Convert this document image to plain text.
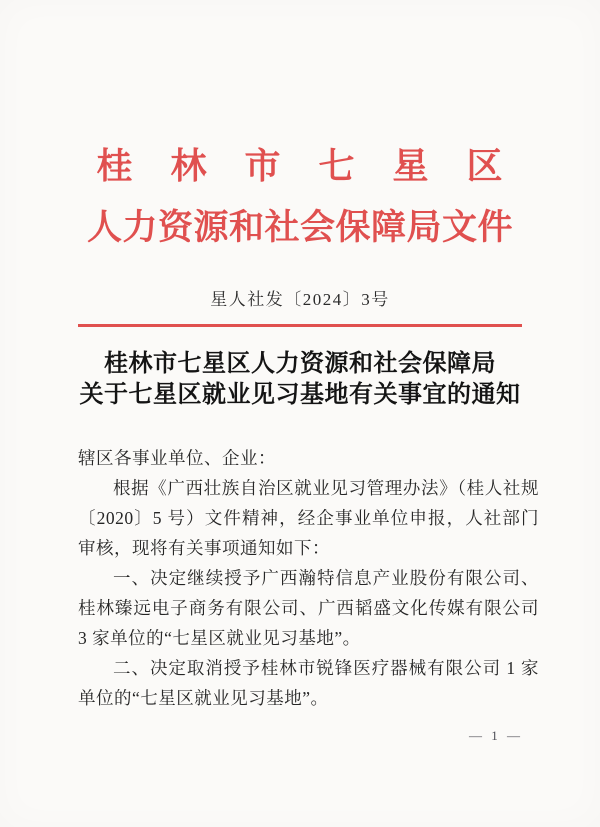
桂　林　市　七　星　区
人力资源和社会保障局文件
星人社发〔2024〕3号
桂林市七星区人力资源和社会保障局
关于七星区就业见习基地有关事宜的通知

辖区各事业单位、企业：

根据《广西壮族自治区就业见习管理办法》（桂人社规〔2020〕5 号）文件精神，经企事业单位申报，人社部门审核，现将有关事项通知如下：

一、决定继续授予广西瀚特信息产业股份有限公司、桂林臻远电子商务有限公司、广西韬盛文化传媒有限公司 3 家单位的“七星区就业见习基地”。

二、决定取消授予桂林市锐锋医疗器械有限公司 1 家单位的“七星区就业见习基地”。

— 1 —
